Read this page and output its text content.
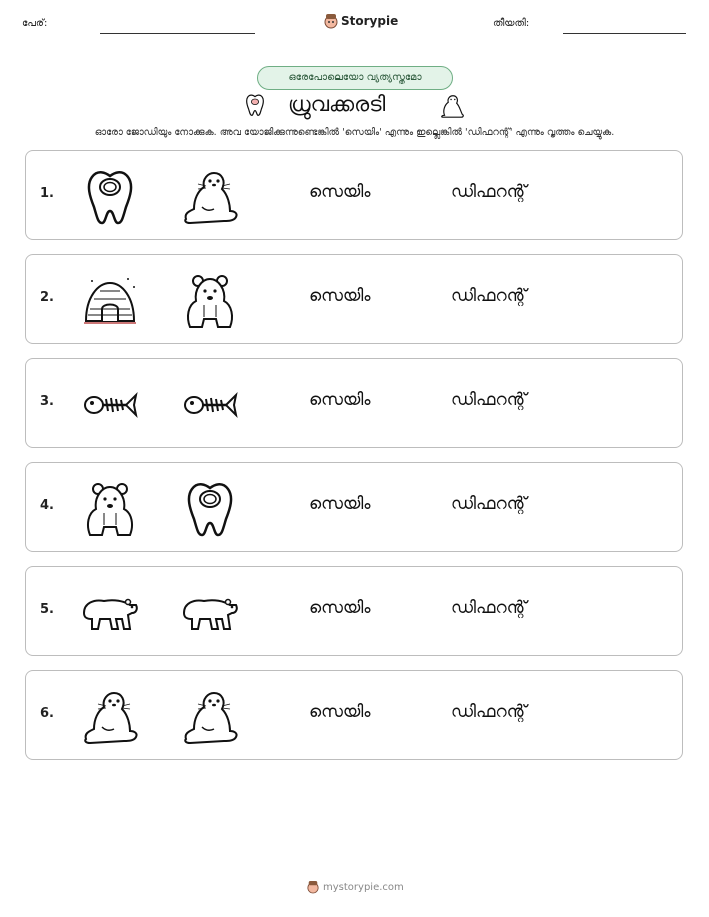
പേര്:	Storypie	തീയതി:
ഒരേപോലെയോ വ്യത്യസ്തമോ
ധ്രുവക്കരടി
ഓരോ ജോഡിയും നോക്കുക. അവ യോജിക്കുന്നുണ്ടെങ്കിൽ 'സെയിം' എന്നും ഇല്ലെങ്കിൽ 'ഡിഫറന്റ്' എന്നും വൃത്തം ചെയ്യുക.
1.	സെയിം	ഡിഫറന്റ്
2.	സെയിം	ഡിഫറന്റ്
3.	സെയിം	ഡിഫറന്റ്
4.	സെയിം	ഡിഫറന്റ്
5.	സെയിം	ഡിഫറന്റ്
6.	സെയിം	ഡിഫറന്റ്
mystorypie.com
